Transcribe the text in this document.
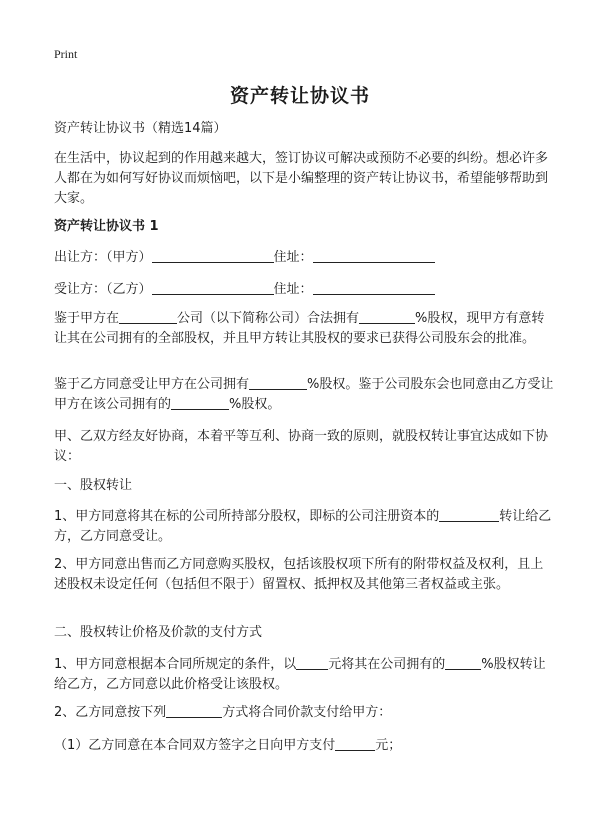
Print
资产转让协议书

资产转让协议书（精选14篇）

在生活中，协议起到的作用越来越大，签订协议可解决或预防不必要的纠纷。想必许多人都在为如何写好协议而烦恼吧，以下是小编整理的资产转让协议书，希望能够帮助到大家。

资产转让协议书 1

出让方：（甲方）	住址：

受让方：（乙方）	住址：

鉴于甲方在	公司（以下简称公司）合法拥有	%股权，现甲方有意转让其在公司拥有的全部股权，并且甲方转让其股权的要求已获得公司股东会的批准。

鉴于乙方同意受让甲方在公司拥有	%股权。鉴于公司股东会也同意由乙方受让甲方在该公司拥有的	%股权。

甲、乙双方经友好协商，本着平等互利、协商一致的原则，就股权转让事宜达成如下协议：

一、股权转让

1、甲方同意将其在标的公司所持部分股权，即标的公司注册资本的	转让给乙方，乙方同意受让。

2、甲方同意出售而乙方同意购买股权，包括该股权项下所有的附带权益及权利，且上述股权未设定任何（包括但不限于）留置权、抵押权及其他第三者权益或主张。

二、股权转让价格及价款的支付方式

1、甲方同意根据本合同所规定的条件，以 元将其在公司拥有的	%股权转让给乙方，乙方同意以此价格受让该股权。

2、乙方同意按下列	方式将合同价款支付给甲方：

（1）乙方同意在本合同双方签字之日向甲方支付	元；
